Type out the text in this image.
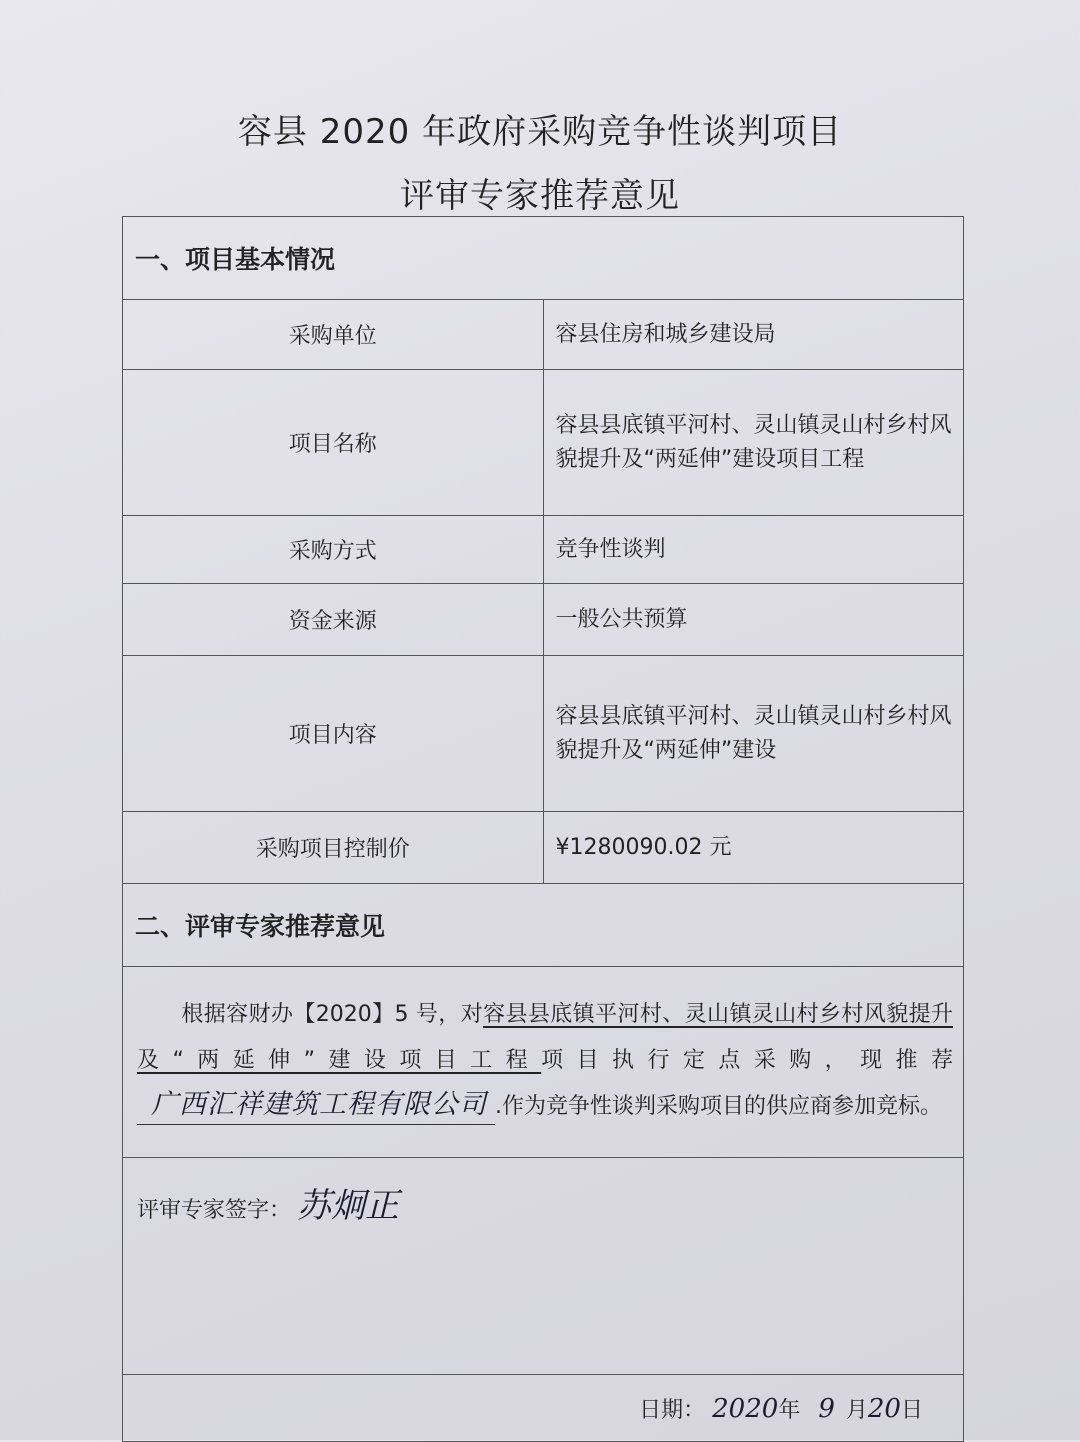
容县 2020 年政府采购竞争性谈判项目
评审专家推荐意见
一、项目基本情况	
采购单位	容县住房和城乡建设局
项目名称	容县县底镇平河村、灵山镇灵山村乡村风貌提升及“两延伸”建设项目工程
采购方式	竞争性谈判
资金来源	一般公共预算
项目内容	容县县底镇平河村、灵山镇灵山村乡村风貌提升及“两延伸”建设
采购项目控制价	¥1280090.02 元
二、评审专家推荐意见	
  根据容财办【2020】5 号，对容县县底镇平河村、灵山镇灵山村乡村风貌提升及“两延伸”建设项目工程项目执行定点采购，现推荐广西汇祥建筑工程有限公司 .作为竞争性谈判采购项目的供应商参加竞标。	
评审专家签字： 苏炯正	
日期： 2020年   9  月20日	
